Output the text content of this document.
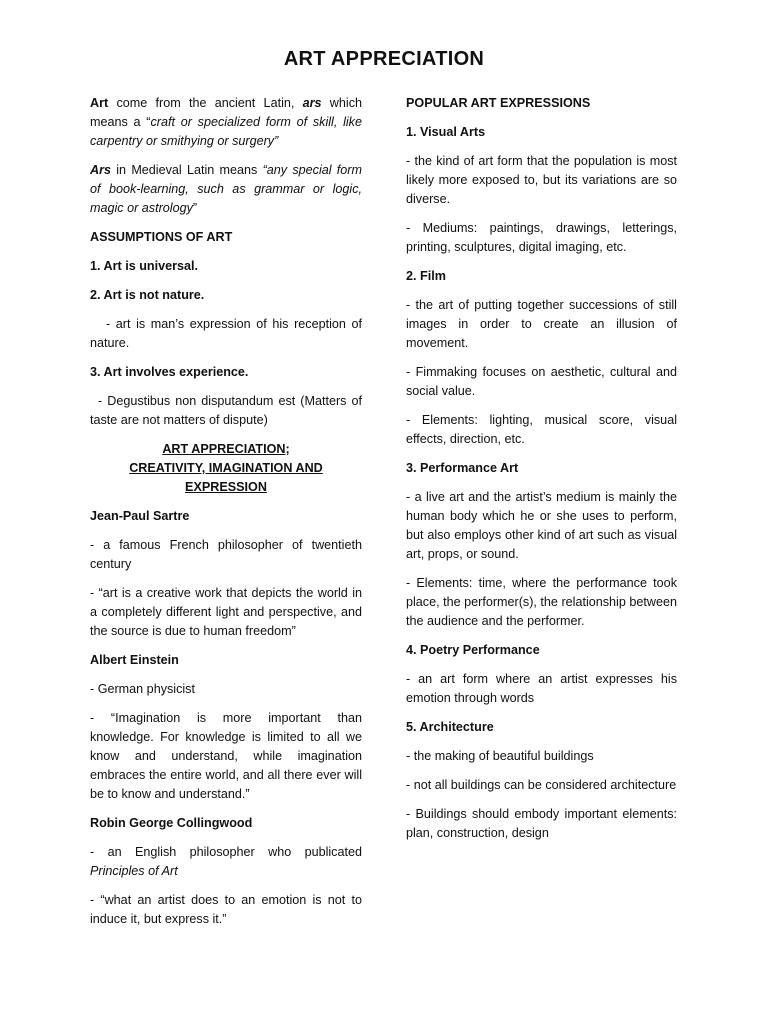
ART APPRECIATION

Art come from the ancient Latin, ars which means a “craft or specialized form of skill, like carpentry or smithying or surgery”

Ars in Medieval Latin means “any special form of book-learning, such as grammar or logic, magic or astrology”

ASSUMPTIONS OF ART

1. Art is universal.

2. Art is not nature.

- art is man’s expression of his reception of nature.

3. Art involves experience.

- Degustibus non disputandum est (Matters of taste are not matters of dispute)

ART APPRECIATION; CREATIVITY, IMAGINATION AND EXPRESSION

Jean-Paul Sartre

- a famous French philosopher of twentieth century

- “art is a creative work that depicts the world in a completely different light and perspective, and the source is due to human freedom”

Albert Einstein

- German physicist

- “Imagination is more important than knowledge. For knowledge is limited to all we know and understand, while imagination embraces the entire world, and all there ever will be to know and understand.”

Robin George Collingwood

- an English philosopher who publicated Principles of Art

- “what an artist does to an emotion is not to induce it, but express it.”

POPULAR ART EXPRESSIONS

1. Visual Arts

- the kind of art form that the population is most likely more exposed to, but its variations are so diverse.

- Mediums: paintings, drawings, letterings, printing, sculptures, digital imaging, etc.

2. Film

- the art of putting together successions of still images in order to create an illusion of movement.

- Fimmaking focuses on aesthetic, cultural and social value.

- Elements: lighting, musical score, visual effects, direction, etc.

3. Performance Art

- a live art and the artist’s medium is mainly the human body which he or she uses to perform, but also employs other kind of art such as visual art, props, or sound.

- Elements: time, where the performance took place, the performer(s), the relationship between the audience and the performer.

4. Poetry Performance

- an art form where an artist expresses his emotion through words

5. Architecture

- the making of beautiful buildings

- not all buildings can be considered architecture

- Buildings should embody important elements: plan, construction, design
